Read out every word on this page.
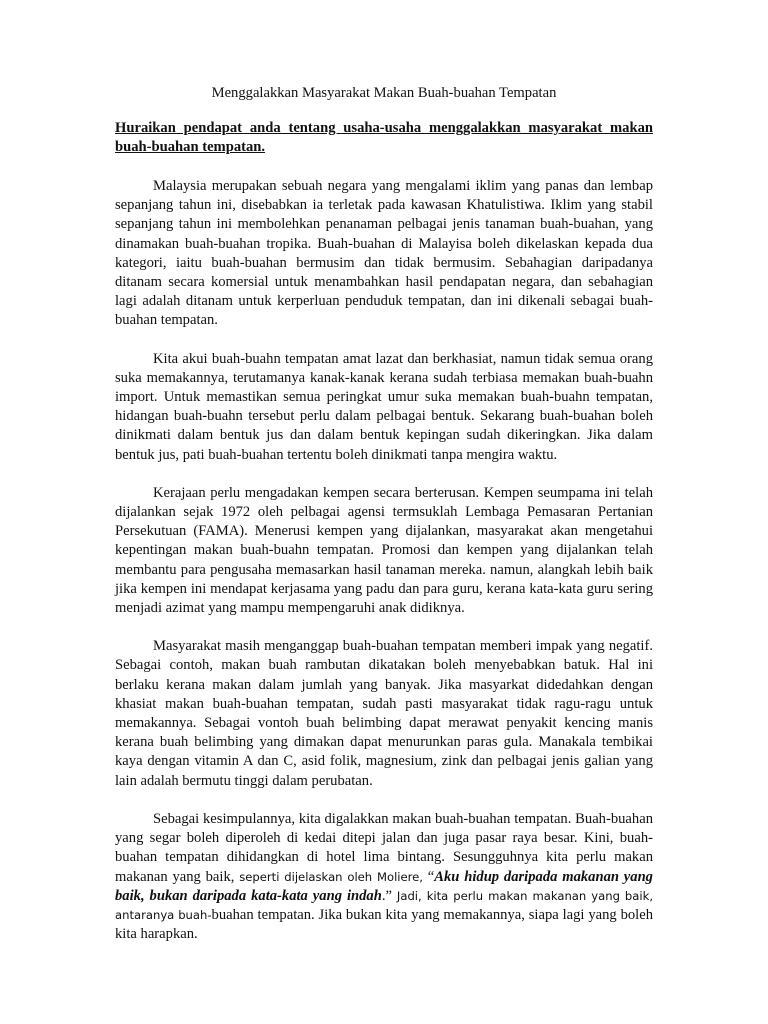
Menggalakkan Masyarakat Makan Buah-buahan Tempatan
Huraikan pendapat anda tentang usaha-usaha menggalakkan masyarakat makan buah-buahan tempatan.

Malaysia merupakan sebuah negara yang mengalami iklim yang panas dan lembap sepanjang tahun ini, disebabkan ia terletak pada kawasan Khatulistiwa. Iklim yang stabil sepanjang tahun ini membolehkan penanaman pelbagai jenis tanaman buah-buahan, yang dinamakan buah-buahan tropika. Buah-buahan di Malayisa boleh dikelaskan kepada dua kategori, iaitu buah-buahan bermusim dan tidak bermusim. Sebahagian daripadanya ditanam secara komersial untuk menambahkan hasil pendapatan negara, dan sebahagian lagi adalah ditanam untuk kerperluan penduduk tempatan, dan ini dikenali sebagai buah-buahan tempatan.

Kita akui buah-buahn tempatan amat lazat dan berkhasiat, namun tidak semua orang suka memakannya, terutamanya kanak-kanak kerana sudah terbiasa memakan buah-buahn import. Untuk memastikan semua peringkat umur suka memakan buah-buahn tempatan, hidangan buah-buahn tersebut perlu dalam pelbagai bentuk. Sekarang buah-buahan boleh dinikmati dalam bentuk jus dan dalam bentuk kepingan sudah dikeringkan. Jika dalam bentuk jus, pati buah-buahan tertentu boleh dinikmati tanpa mengira waktu.

Kerajaan perlu mengadakan kempen secara berterusan. Kempen seumpama ini telah dijalankan sejak 1972 oleh pelbagai agensi termsuklah Lembaga Pemasaran Pertanian Persekutuan (FAMA). Menerusi kempen yang dijalankan, masyarakat akan mengetahui kepentingan makan buah-buahn tempatan. Promosi dan kempen yang dijalankan telah membantu para pengusaha memasarkan hasil tanaman mereka. namun, alangkah lebih baik jika kempen ini mendapat kerjasama yang padu dan para guru, kerana kata-kata guru sering menjadi azimat yang mampu mempengaruhi anak didiknya.

Masyarakat masih menganggap buah-buahan tempatan memberi impak yang negatif. Sebagai contoh, makan buah rambutan dikatakan boleh menyebabkan batuk. Hal ini berlaku kerana makan dalam jumlah yang banyak. Jika masyarkat didedahkan dengan khasiat makan buah-buahan tempatan, sudah pasti masyarakat tidak ragu-ragu untuk memakannya. Sebagai vontoh buah belimbing dapat merawat penyakit kencing manis kerana buah belimbing yang dimakan dapat menurunkan paras gula. Manakala tembikai kaya dengan vitamin A dan C, asid folik, magnesium, zink dan pelbagai jenis galian yang lain adalah bermutu tinggi dalam perubatan.

Sebagai kesimpulannya, kita digalakkan makan buah-buahan tempatan. Buah-buahan yang segar boleh diperoleh di kedai ditepi jalan dan juga pasar raya besar. Kini, buah-buahan tempatan dihidangkan di hotel lima bintang. Sesungguhnya kita perlu makan makanan yang baik, seperti dijelaskan oleh Moliere, “Aku hidup daripada makanan yang baik, bukan daripada kata-kata yang indah.” Jadi, kita perlu makan makanan yang baik, antaranya buah-buahan tempatan. Jika bukan kita yang memakannya, siapa lagi yang boleh kita harapkan.
